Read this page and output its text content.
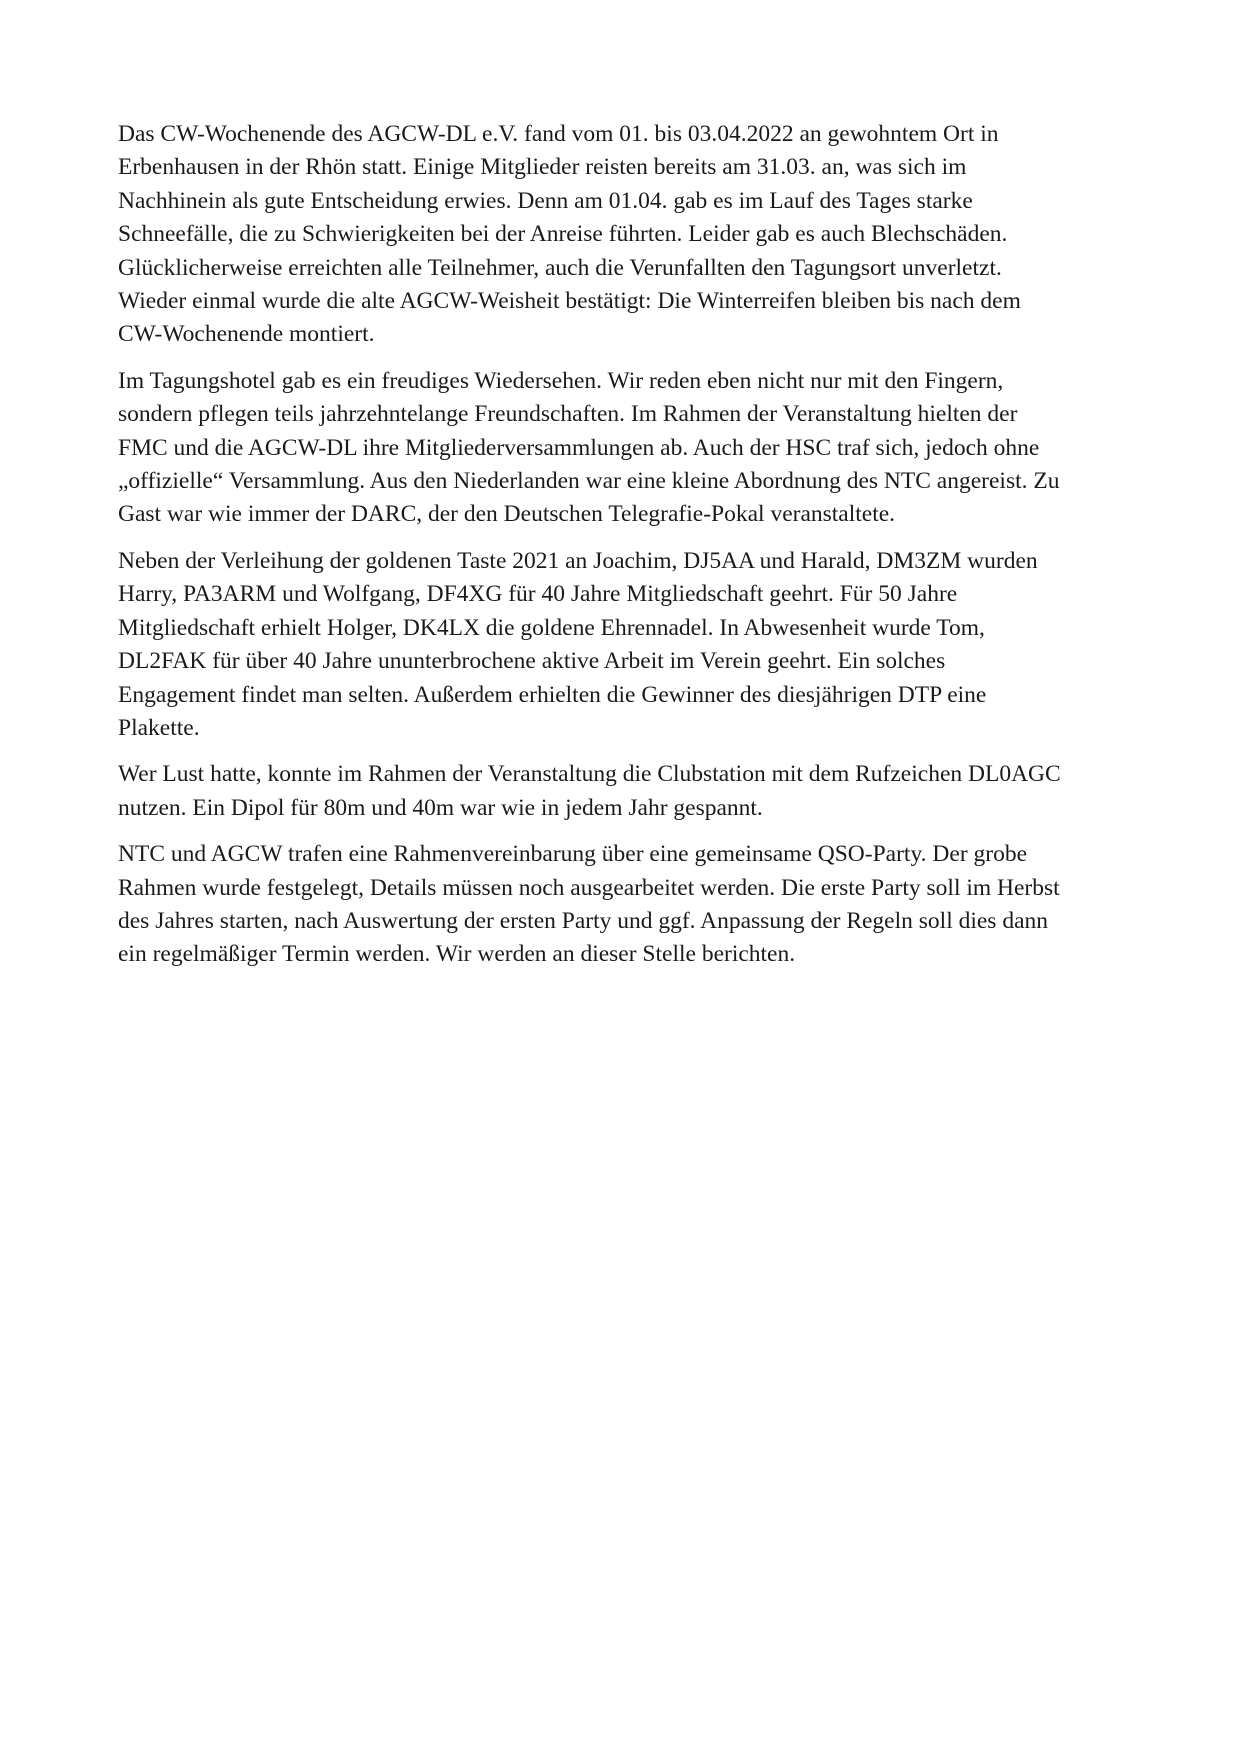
Das CW-Wochenende des AGCW-DL e.V. fand vom 01. bis 03.04.2022 an gewohntem Ort in
Erbenhausen in der Rhön statt. Einige Mitglieder reisten bereits am 31.03. an, was sich im
Nachhinein als gute Entscheidung erwies. Denn am 01.04. gab es im Lauf des Tages starke
Schneefälle, die zu Schwierigkeiten bei der Anreise führten. Leider gab es auch Blechschäden.
Glücklicherweise erreichten alle Teilnehmer, auch die Verunfallten den Tagungsort unverletzt.
Wieder einmal wurde die alte AGCW-Weisheit bestätigt: Die Winterreifen bleiben bis nach dem
CW-Wochenende montiert.

Im Tagungshotel gab es ein freudiges Wiedersehen. Wir reden eben nicht nur mit den Fingern,
sondern pflegen teils jahrzehntelange Freundschaften. Im Rahmen der Veranstaltung hielten der
FMC und die AGCW-DL ihre Mitgliederversammlungen ab. Auch der HSC traf sich, jedoch ohne
„offizielle“ Versammlung. Aus den Niederlanden war eine kleine Abordnung des NTC angereist. Zu
Gast war wie immer der DARC, der den Deutschen Telegrafie-Pokal veranstaltete.

Neben der Verleihung der goldenen Taste 2021 an Joachim, DJ5AA und Harald, DM3ZM wurden
Harry, PA3ARM und Wolfgang, DF4XG für 40 Jahre Mitgliedschaft geehrt. Für 50 Jahre
Mitgliedschaft erhielt Holger, DK4LX die goldene Ehrennadel. In Abwesenheit wurde Tom,
DL2FAK für über 40 Jahre ununterbrochene aktive Arbeit im Verein geehrt. Ein solches
Engagement findet man selten. Außerdem erhielten die Gewinner des diesjährigen DTP eine
Plakette.

Wer Lust hatte, konnte im Rahmen der Veranstaltung die Clubstation mit dem Rufzeichen DL0AGC
nutzen. Ein Dipol für 80m und 40m war wie in jedem Jahr gespannt.

NTC und AGCW trafen eine Rahmenvereinbarung über eine gemeinsame QSO-Party. Der grobe
Rahmen wurde festgelegt, Details müssen noch ausgearbeitet werden. Die erste Party soll im Herbst
des Jahres starten, nach Auswertung der ersten Party und ggf. Anpassung der Regeln soll dies dann
ein regelmäßiger Termin werden. Wir werden an dieser Stelle berichten.
